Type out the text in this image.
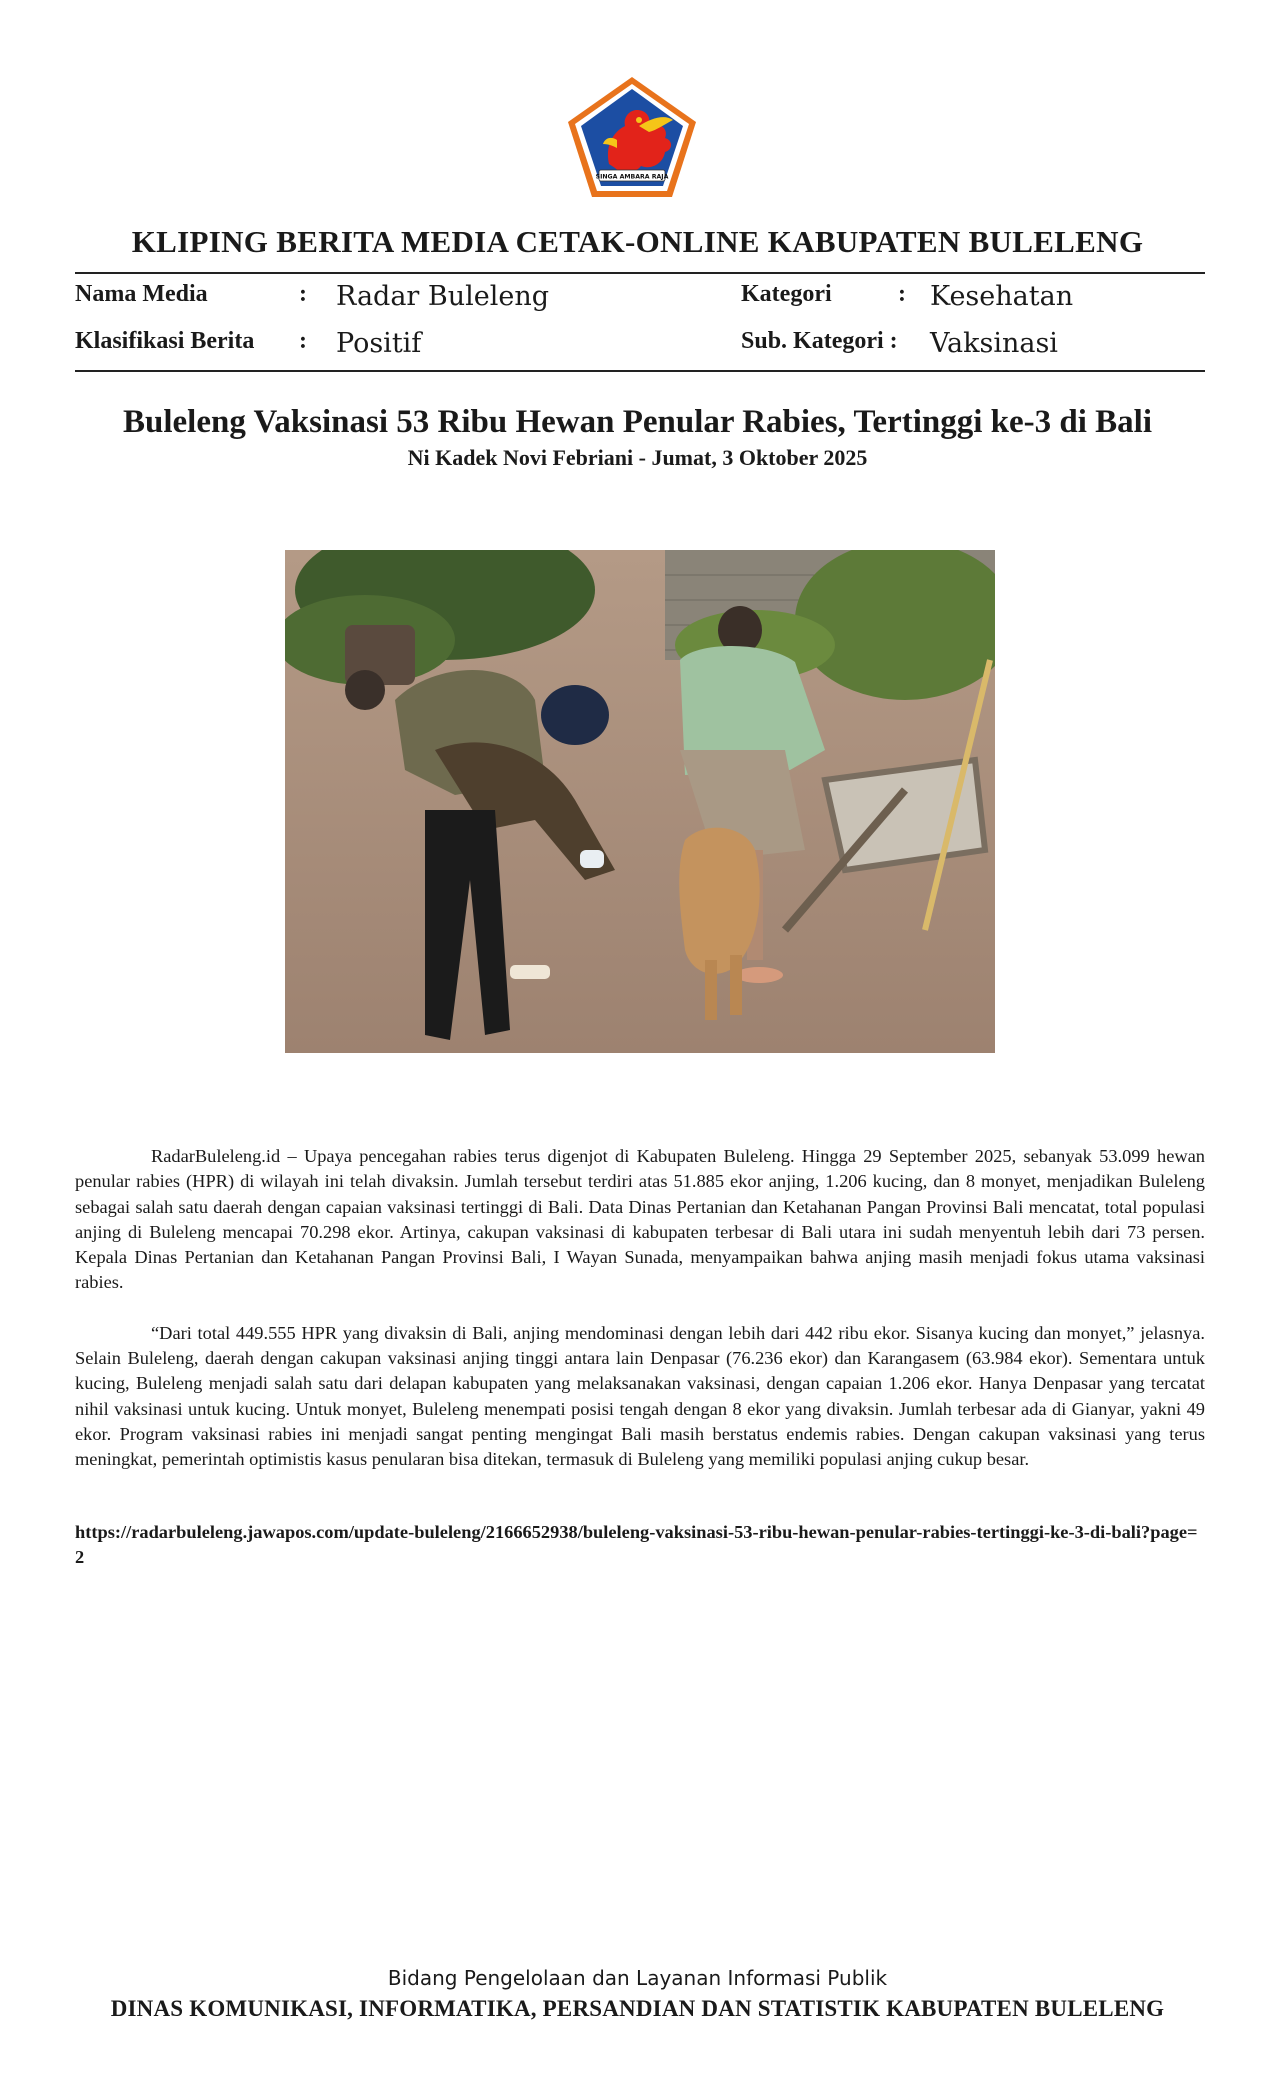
SINGA AMBARA RAJA
KLIPING BERITA MEDIA CETAK-ONLINE KABUPATEN BULELENG
Nama Media	: Radar Buleleng	Kategori	: Kesehatan
Klasifikasi Berita : Positif	Sub. Kategori : Vaksinasi
Buleleng Vaksinasi 53 Ribu Hewan Penular Rabies, Tertinggi ke-3 di Bali
Ni Kadek Novi Febriani - Jumat, 3 Oktober 2025

RadarBuleleng.id – Upaya pencegahan rabies terus digenjot di Kabupaten Buleleng. Hingga 29 September 2025, sebanyak 53.099 hewan penular rabies (HPR) di wilayah ini telah divaksin. Jumlah tersebut terdiri atas 51.885 ekor anjing, 1.206 kucing, dan 8 monyet, menjadikan Buleleng sebagai salah satu daerah dengan capaian vaksinasi tertinggi di Bali. Data Dinas Pertanian dan Ketahanan Pangan Provinsi Bali mencatat, total populasi anjing di Buleleng mencapai 70.298 ekor. Artinya, cakupan vaksinasi di kabupaten terbesar di Bali utara ini sudah menyentuh lebih dari 73 persen. Kepala Dinas Pertanian dan Ketahanan Pangan Provinsi Bali, I Wayan Sunada, menyampaikan bahwa anjing masih menjadi fokus utama vaksinasi rabies.

“Dari total 449.555 HPR yang divaksin di Bali, anjing mendominasi dengan lebih dari 442 ribu ekor. Sisanya kucing dan monyet,” jelasnya. Selain Buleleng, daerah dengan cakupan vaksinasi anjing tinggi antara lain Denpasar (76.236 ekor) dan Karangasem (63.984 ekor). Sementara untuk kucing, Buleleng menjadi salah satu dari delapan kabupaten yang melaksanakan vaksinasi, dengan capaian 1.206 ekor. Hanya Denpasar yang tercatat nihil vaksinasi untuk kucing. Untuk monyet, Buleleng menempati posisi tengah dengan 8 ekor yang divaksin. Jumlah terbesar ada di Gianyar, yakni 49 ekor. Program vaksinasi rabies ini menjadi sangat penting mengingat Bali masih berstatus endemis rabies. Dengan cakupan vaksinasi yang terus meningkat, pemerintah optimistis kasus penularan bisa ditekan, termasuk di Buleleng yang memiliki populasi anjing cukup besar.

https://radarbuleleng.jawapos.com/update-buleleng/2166652938/buleleng-vaksinasi-53-ribu-hewan-penular-rabies-tertinggi-ke-3-di-bali?page=2
Bidang Pengelolaan dan Layanan Informasi Publik
DINAS KOMUNIKASI, INFORMATIKA, PERSANDIAN DAN STATISTIK KABUPATEN BULELENG
